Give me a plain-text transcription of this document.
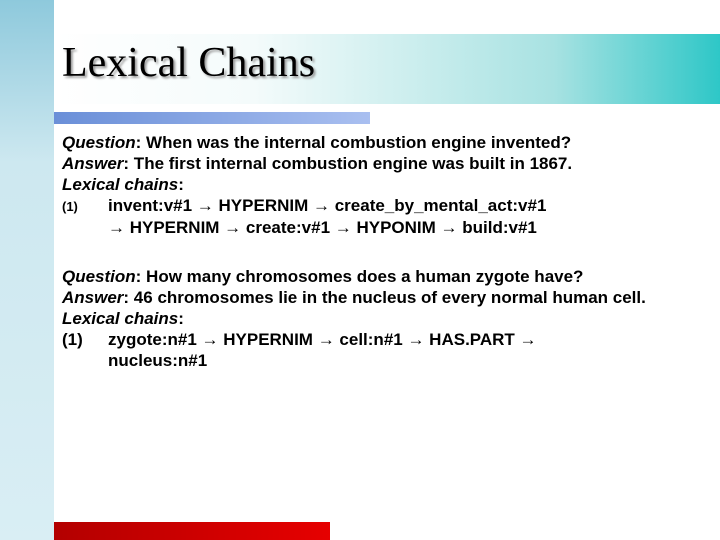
Lexical Chains

Question: When was the internal combustion engine invented?

Answer: The first internal combustion engine was built in 1867.

Lexical chains:

(1) invent:v#1 → HYPERNIM → create_by_mental_act:v#1

→ HYPERNIM → create:v#1 → HYPONIM → build:v#1

Question: How many chromosomes does a human zygote have?

Answer: 46 chromosomes lie in the nucleus of every normal human cell.

Lexical chains:

(1) zygote:n#1 → HYPERNIM → cell:n#1 → HAS.PART →

nucleus:n#1
